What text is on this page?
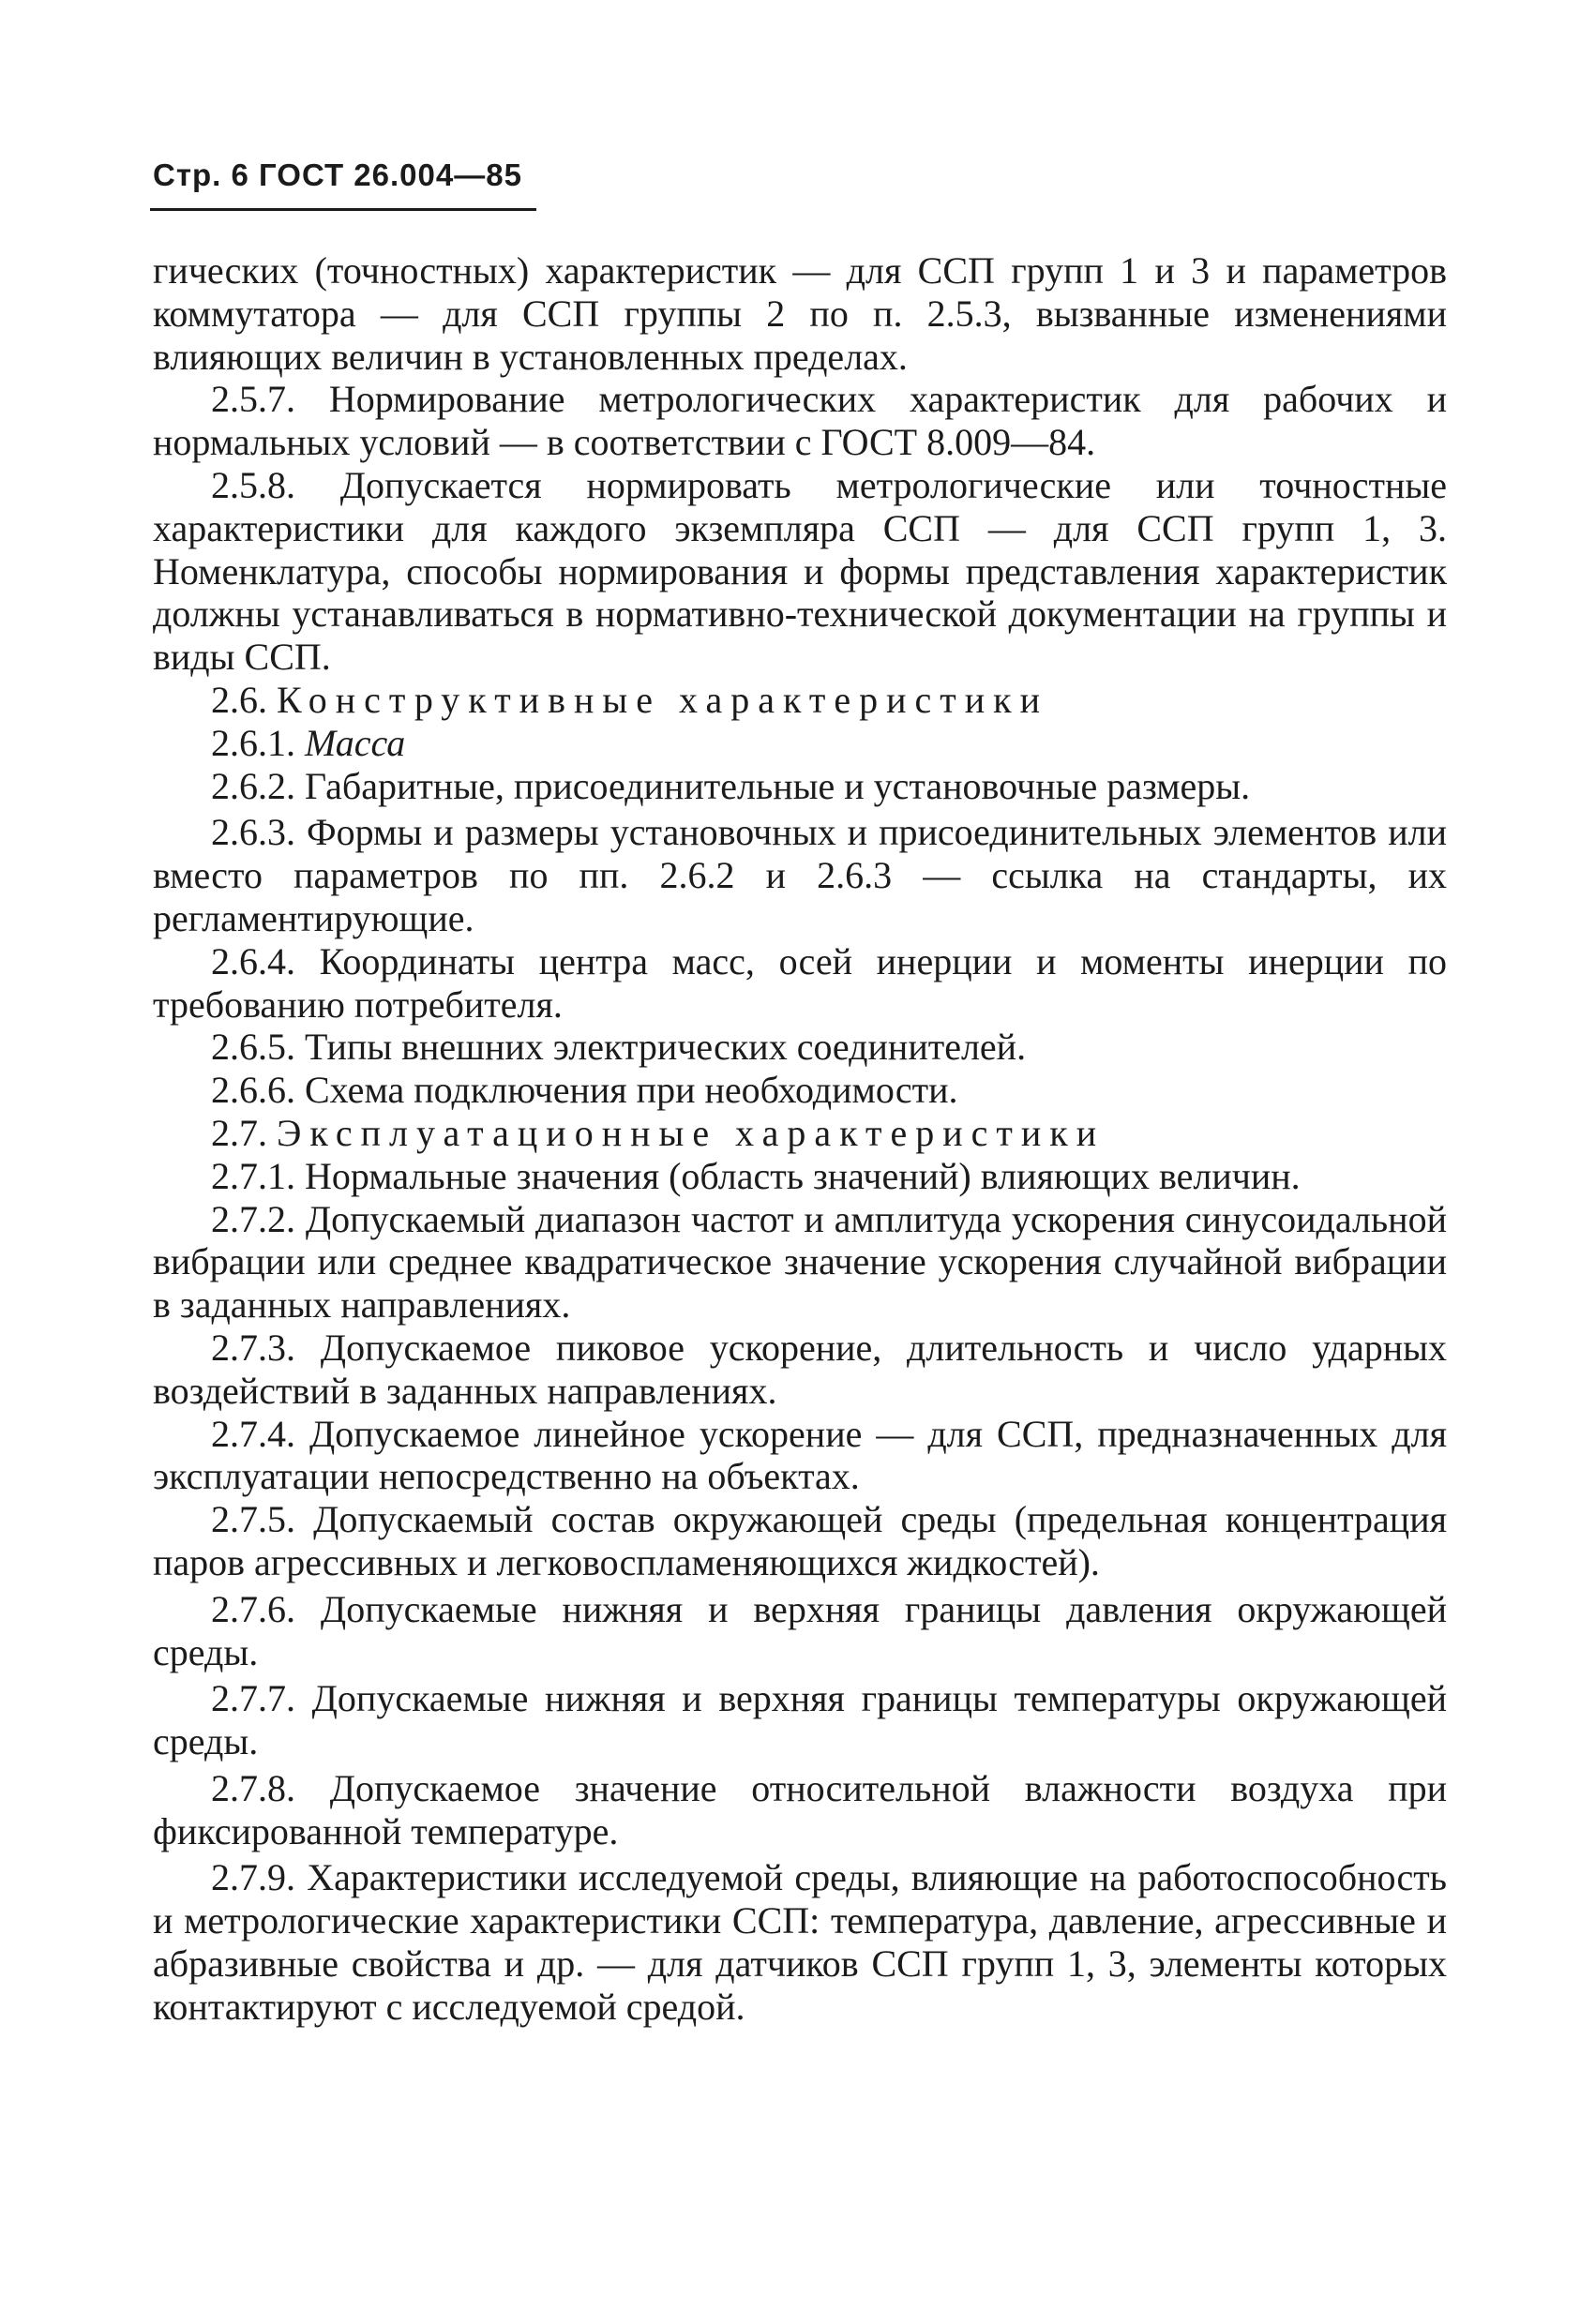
Стр. 6 ГОСТ 26.004—85

гических (точностных) характеристик — для ССП групп 1 и 3 и параметров коммутатора — для ССП группы 2 по п. 2.5.3, вызванные изменениями влияющих величин в установленных пределах.

2.5.7. Нормирование метрологических характеристик для рабочих и нормальных условий — в соответствии с ГОСТ 8.009—84.

2.5.8. Допускается нормировать метрологические или точностные характеристики для каждого экземпляра ССП — для ССП групп 1, 3. Номенклатура, способы нормирования и формы представления характеристик должны устанавливаться в нормативно-технической документации на группы и виды ССП.

2.6. Конструктивные характеристики

2.6.1. Масса

2.6.2. Габаритные, присоединительные и установочные размеры.

2.6.3. Формы и размеры установочных и присоединительных элементов или вместо параметров по пп. 2.6.2 и 2.6.3 — ссылка на стандарты, их регламентирующие.

2.6.4. Координаты центра масс, осей инерции и моменты инерции по требованию потребителя.

2.6.5. Типы внешних электрических соединителей.

2.6.6. Схема подключения при необходимости.

2.7. Эксплуатационные характеристики

2.7.1. Нормальные значения (область значений) влияющих величин.

2.7.2. Допускаемый диапазон частот и амплитуда ускорения синусоидальной вибрации или среднее квадратическое значение ускорения случайной вибрации в заданных направлениях.

2.7.3. Допускаемое пиковое ускорение, длительность и число ударных воздействий в заданных направлениях.

2.7.4. Допускаемое линейное ускорение — для ССП, предназначенных для эксплуатации непосредственно на объектах.

2.7.5. Допускаемый состав окружающей среды (предельная концентрация паров агрессивных и легковоспламеняющихся жидкостей).

2.7.6. Допускаемые нижняя и верхняя границы давления окружающей среды.

2.7.7. Допускаемые нижняя и верхняя границы температуры окружающей среды.

2.7.8. Допускаемое значение относительной влажности воздуха при фиксированной температуре.

2.7.9. Характеристики исследуемой среды, влияющие на работоспособность и метрологические характеристики ССП: температура, давление, агрессивные и абразивные свойства и др. — для датчиков ССП групп 1, 3, элементы которых контактируют с исследуемой средой.
